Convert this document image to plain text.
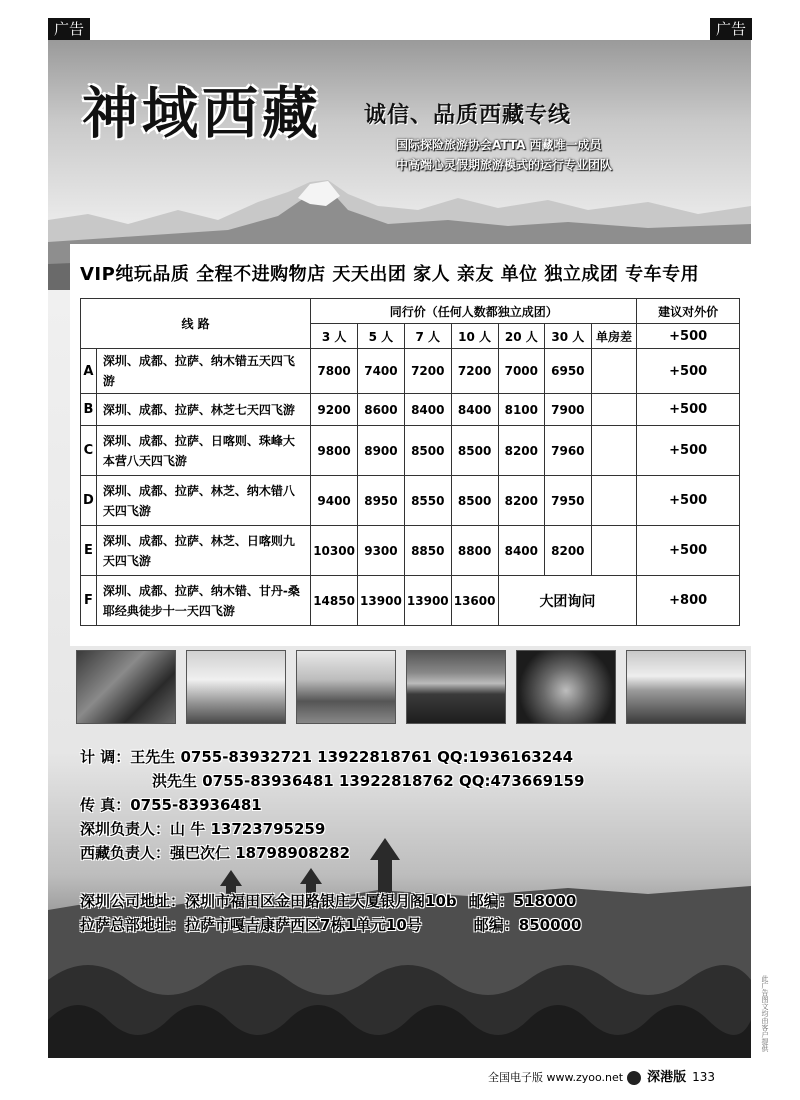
广告	广告
神域西藏 诚信、品质西藏专线
国际探险旅游协会ATTA 西藏唯一成员
中高端心灵假期旅游模式的运行专业团队
VIP纯玩品质 全程不进购物店 天天出团 家人 亲友 单位 独立成团 专车专用
线 路		同行价（任何人数都独立成团）							建议对外价
		3 人	5 人	7 人	10 人	20 人	30 人	单房差	+500
A	深圳、成都、拉萨、纳木错五天四飞游	7800	7400	7200	7200	7000	6950		+500
B	深圳、成都、拉萨、林芝七天四飞游	9200	8600	8400	8400	8100	7900		+500
C	深圳、成都、拉萨、日喀则、珠峰大本营八天四飞游	9800	8900	8500	8500	8200	7960		+500
D	深圳、成都、拉萨、林芝、纳木错八天四飞游	9400	8950	8550	8500	8200	7950		+500
E	深圳、成都、拉萨、林芝、日喀则九天四飞游	10300	9300	8850	8800	8400	8200		+500
F	深圳、成都、拉萨、纳木错、甘丹-桑耶经典徒步十一天四飞游	14850	13900	13900	13600	大团询问			+800
计 调：王先生 0755-83932721 13922818761 QQ:1936163244
洪先生 0755-83936481 13922818762 QQ:473669159
传 真：0755-83936481
深圳负责人：山 牛 13723795259
西藏负责人：强巴次仁 18798908282
深圳公司地址：深圳市福田区金田路银庄大厦银月阁10b 邮编：518000
拉萨总部地址：拉萨市嘎吉康萨西区7栋1单元10号	邮编：850000
此广告图文均由客户提供
全国电子版 www.zyoo.net 深港版 133
